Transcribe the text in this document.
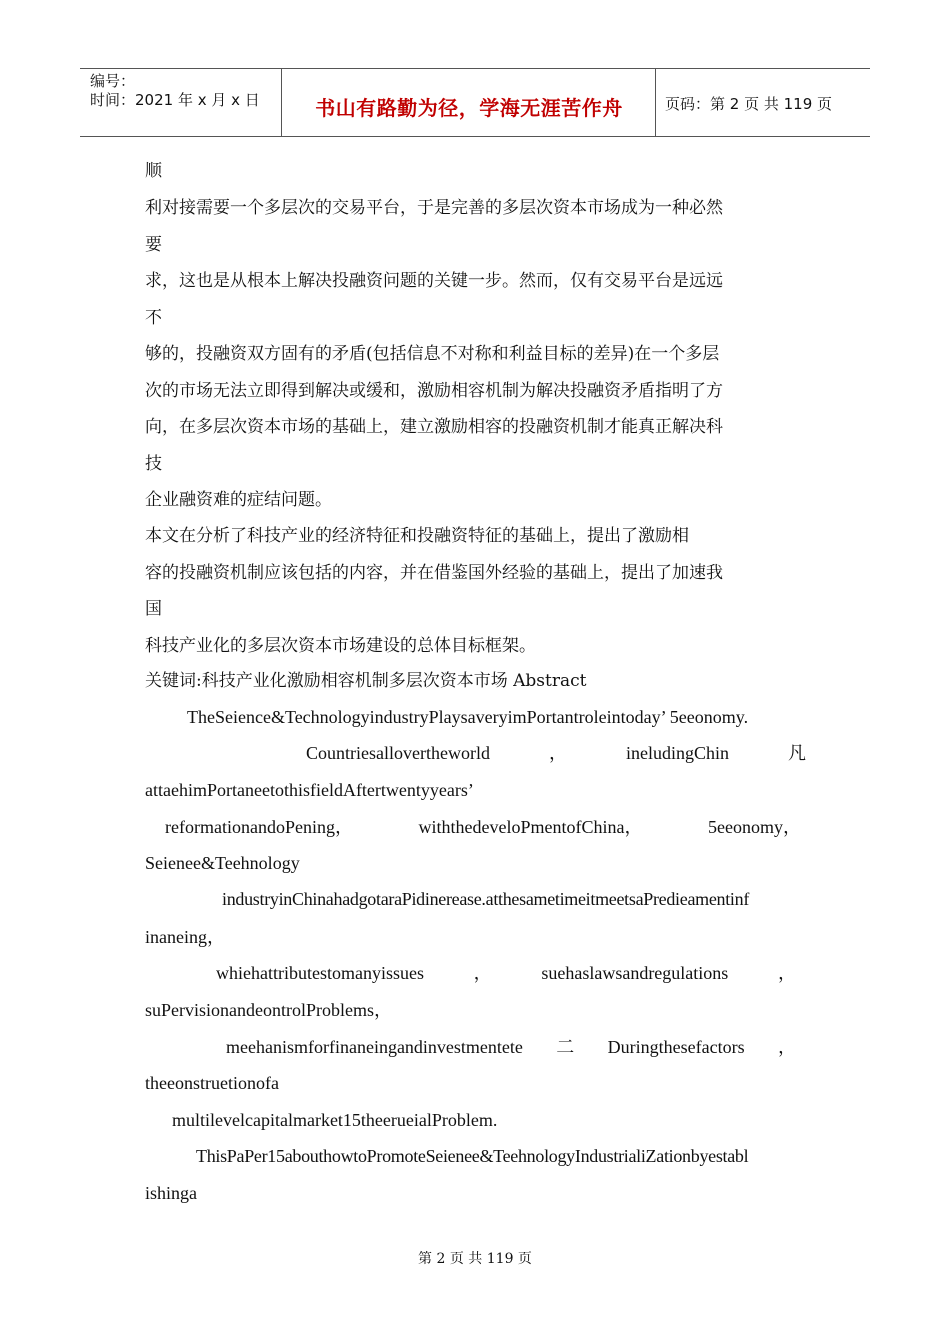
编号：
时间：2021 年 x 月 x 日	书山有路勤为径，学海无涯苦作舟	页码：第 2 页 共 119 页
顺
利对接需要一个多层次的交易平台，于是完善的多层次资本市场成为一种必然
要
求，这也是从根本上解决投融资问题的关键一步。然而，仅有交易平台是远远
不
够的，投融资双方固有的矛盾(包括信息不对称和利益目标的差异)在一个多层
次的市场无法立即得到解决或缓和，激励相容机制为解决投融资矛盾指明了方
向，在多层次资本市场的基础上，建立激励相容的投融资机制才能真正解决科
技
企业融资难的症结问题。
本文在分析了科技产业的经济特征和投融资特征的基础上，提出了激励相
容的投融资机制应该包括的内容，并在借鉴国外经验的基础上，提出了加速我
国
科技产业化的多层次资本市场建设的总体目标框架。
关键词:科技产业化激励相容机制多层次资本市场 Abstract
TheSeience&TechnologyindustryPlaysaveryimPortantroleintoday’ 5eeonomy.
Countriesallovertheworld	，	ineludingChin	凡
attaehimPortaneetothisfieldAftertwentyyears’
reformationandoPening，	withthedeveloPmentofChina，	5eeonomy，
Seienee&Teehnology
industryinChinahadgotaraPidinerease.atthesametimeitmeetsaPredieamentinf
inaneing，
whiehattributestomanyissues	，	suehaslawsandregulations	，
suPervisionandeontrolProblems，
meehanismforfinaneingandinvestmentete 二 Duringthesefactors ，
theeonstruetionofa
multilevelcapitalmarket15theerueialProblem.
ThisPaPer15abouthowtoPromoteSeienee&TeehnologyIndustrialiZationbyestabl
ishinga
第 2 页 共 119 页
